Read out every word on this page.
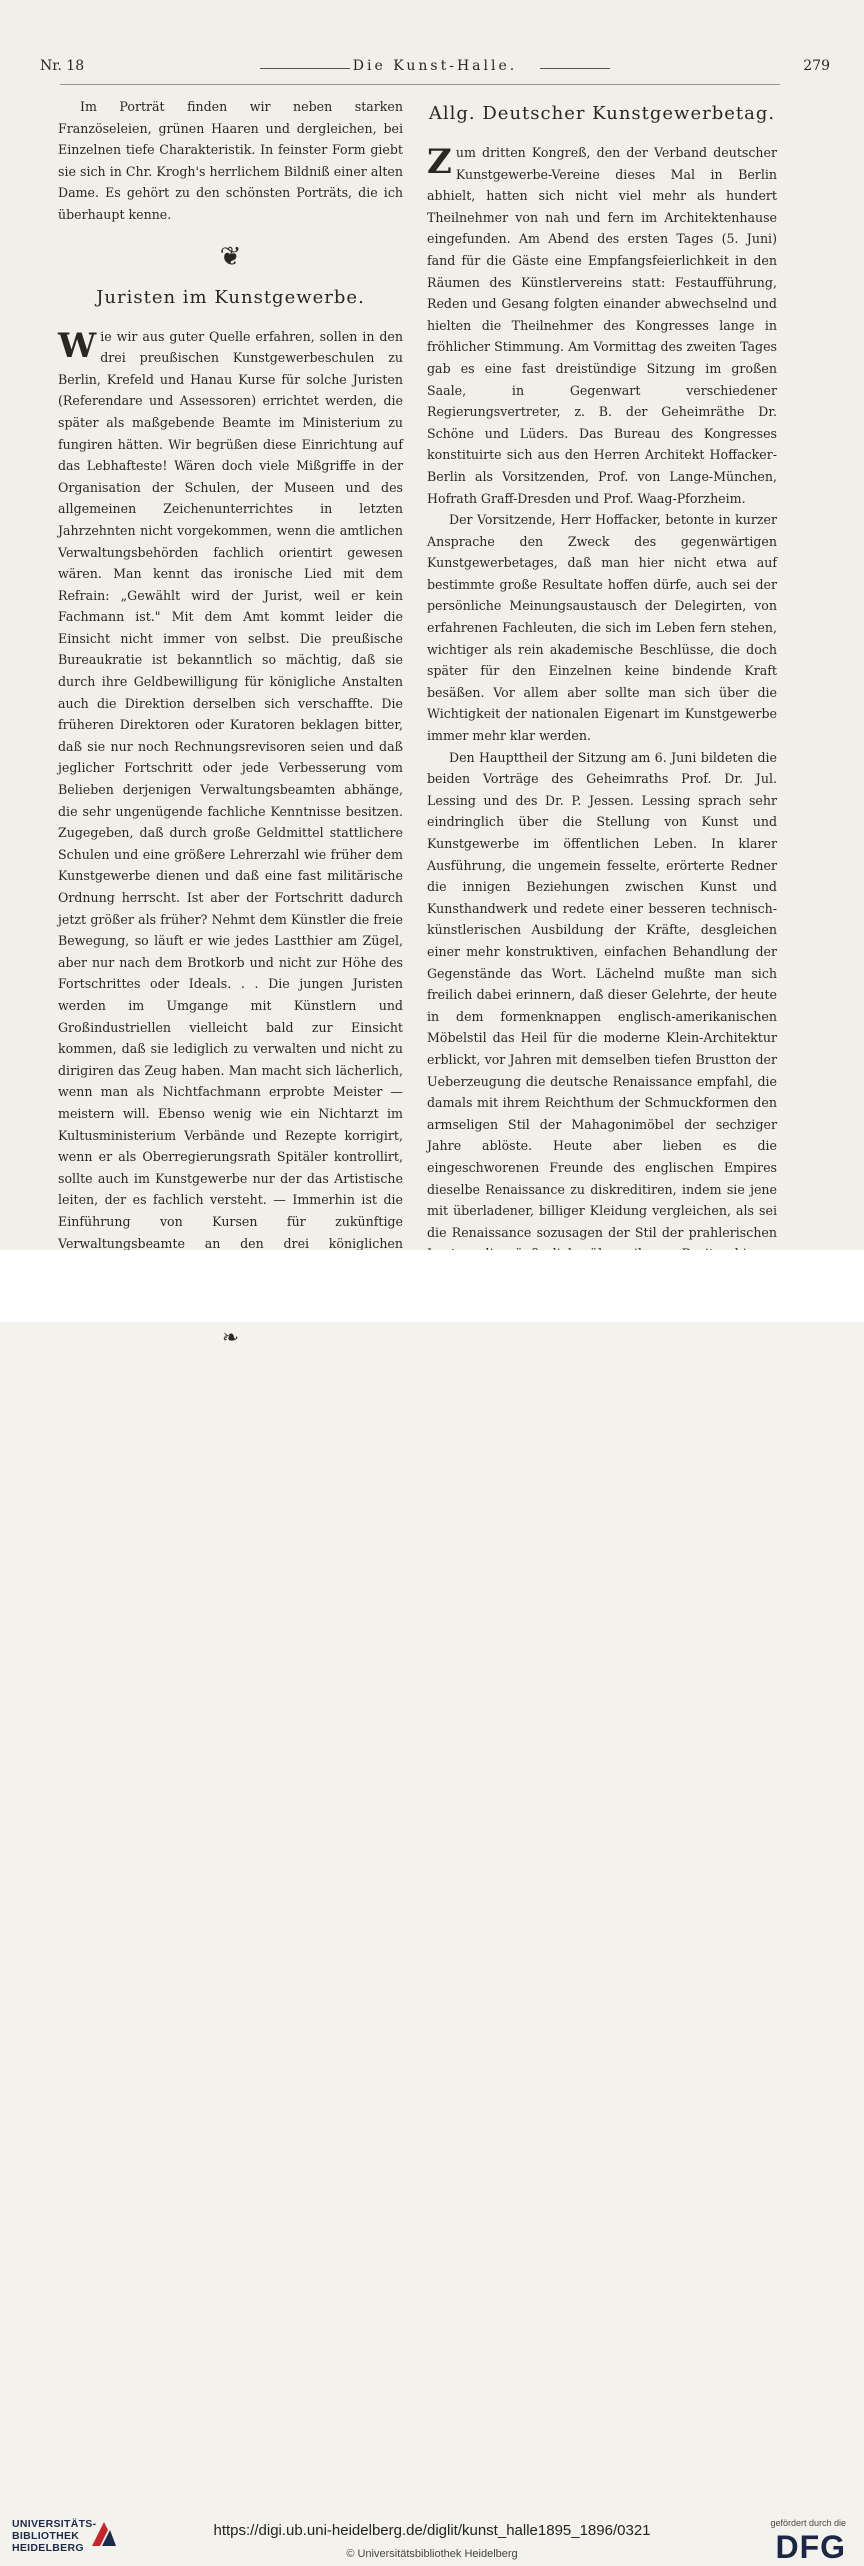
Nr. 18	Die Kunst-Halle.	279

Im Porträt finden wir neben starken Französeleien, grünen Haaren und dergleichen, bei Einzelnen tiefe Charakteristik. In feinster Form giebt sie sich in Chr. Krogh's herrlichem Bildniß einer alten Dame. Es gehört zu den schönsten Porträts, die ich überhaupt kenne.

❦
Juristen im Kunstgewerbe.

Wie wir aus guter Quelle erfahren, sollen in den drei preußischen Kunstgewerbeschulen zu Berlin, Krefeld und Hanau Kurse für solche Juristen (Referendare und Assessoren) errichtet werden, die später als maßgebende Beamte im Ministerium zu fungiren hätten. Wir begrüßen diese Einrichtung auf das Lebhafteste! Wären doch viele Mißgriffe in der Organisation der Schulen, der Museen und des allgemeinen Zeichenunterrichtes in letzten Jahrzehnten nicht vorgekommen, wenn die amtlichen Verwaltungsbehörden fachlich orientirt gewesen wären. Man kennt das ironische Lied mit dem Refrain: „Gewählt wird der Jurist, weil er kein Fachmann ist." Mit dem Amt kommt leider die Einsicht nicht immer von selbst. Die preußische Bureaukratie ist bekanntlich so mächtig, daß sie durch ihre Geldbewilligung für königliche Anstalten auch die Direktion derselben sich verschaffte. Die früheren Direktoren oder Kuratoren beklagen bitter, daß sie nur noch Rechnungsrevisoren seien und daß jeglicher Fortschritt oder jede Verbesserung vom Belieben derjenigen Verwaltungsbeamten abhänge, die sehr ungenügende fachliche Kenntnisse besitzen. Zugegeben, daß durch große Geldmittel stattlichere Schulen und eine größere Lehrerzahl wie früher dem Kunstgewerbe dienen und daß eine fast militärische Ordnung herrscht. Ist aber der Fortschritt dadurch jetzt größer als früher? Nehmt dem Künstler die freie Bewegung, so läuft er wie jedes Lastthier am Zügel, aber nur nach dem Brotkorb und nicht zur Höhe des Fortschrittes oder Ideals. . . Die jungen Juristen werden im Umgange mit Künstlern und Großindustriellen vielleicht bald zur Einsicht kommen, daß sie lediglich zu verwalten und nicht zu dirigiren das Zeug haben. Man macht sich lächerlich, wenn man als Nichtfachmann erprobte Meister — meistern will. Ebenso wenig wie ein Nichtarzt im Kultusministerium Verbände und Rezepte korrigirt, wenn er als Oberregierungsrath Spitäler kontrollirt, sollte auch im Kunstgewerbe nur der das Artistische leiten, der es fachlich versteht. — Immerhin ist die Einführung von Kursen für zukünftige Verwaltungsbeamte an den drei königlichen

❧
Allg. Deutscher Kunstgewerbetag.

Zum dritten Kongreß, den der Verband deutscher Kunstgewerbe-Vereine dieses Mal in Berlin abhielt, hatten sich nicht viel mehr als hundert Theilnehmer von nah und fern im Architektenhause eingefunden. Am Abend des ersten Tages (5. Juni) fand für die Gäste eine Empfangsfeierlichkeit in den Räumen des Künstlervereins statt: Festaufführung, Reden und Gesang folgten einander abwechselnd und hielten die Theilnehmer des Kongresses lange in fröhlicher Stimmung. Am Vormittag des zweiten Tages gab es eine fast dreistündige Sitzung im großen Saale, in Gegenwart verschiedener Regierungsvertreter, z. B. der Geheimräthe Dr. Schöne und Lüders. Das Bureau des Kongresses konstituirte sich aus den Herren Architekt Hoffacker-Berlin als Vorsitzenden, Prof. von Lange-München, Hofrath Graff-Dresden und Prof. Waag-Pforzheim.

Der Vorsitzende, Herr Hoffacker, betonte in kurzer Ansprache den Zweck des gegenwärtigen Kunstgewerbetages, daß man hier nicht etwa auf bestimmte große Resultate hoffen dürfe, auch sei der persönliche Meinungsaustausch der Delegirten, von erfahrenen Fachleuten, die sich im Leben fern stehen, wichtiger als rein akademische Beschlüsse, die doch später für den Einzelnen keine bindende Kraft besäßen. Vor allem aber sollte man sich über die Wichtigkeit der nationalen Eigenart im Kunstgewerbe immer mehr klar werden.

Den Haupttheil der Sitzung am 6. Juni bildeten die beiden Vorträge des Geheimraths Prof. Dr. Jul. Lessing und des Dr. P. Jessen. Lessing sprach sehr eindringlich über die Stellung von Kunst und Kunstgewerbe im öffentlichen Leben. In klarer Ausführung, die ungemein fesselte, erörterte Redner die innigen Beziehungen zwischen Kunst und Kunsthandwerk und redete einer besseren technisch-künstlerischen Ausbildung der Kräfte, desgleichen einer mehr konstruktiven, einfachen Behandlung der Gegenstände das Wort. Lächelnd mußte man sich freilich dabei erinnern, daß dieser Gelehrte, der heute in dem formenknappen englisch-amerikanischen Möbelstil das Heil für die moderne Klein-Architektur erblickt, vor Jahren mit demselben tiefen Brustton der Ueberzeugung die deutsche Renaissance empfahl, die damals mit ihrem Reichthum der Schmuckformen den armseligen Stil der Mahagonimöbel der sechziger Jahre ablöste. Heute aber lieben es die eingeschworenen Freunde des englischen Empires dieselbe Renaissance zu diskreditiren, indem sie jene mit überladener, billiger Kleidung vergleichen, als sei die Renaissance sozusagen der Stil der prahlerischen

UNIVERSITÄTS-
BIBLIOTHEK
HEIDELBERG
https://digi.ub.uni-heidelberg.de/diglit/kunst_halle1895_1896/0321
© Universitätsbibliothek Heidelberg
gefördert durch die
DFG
